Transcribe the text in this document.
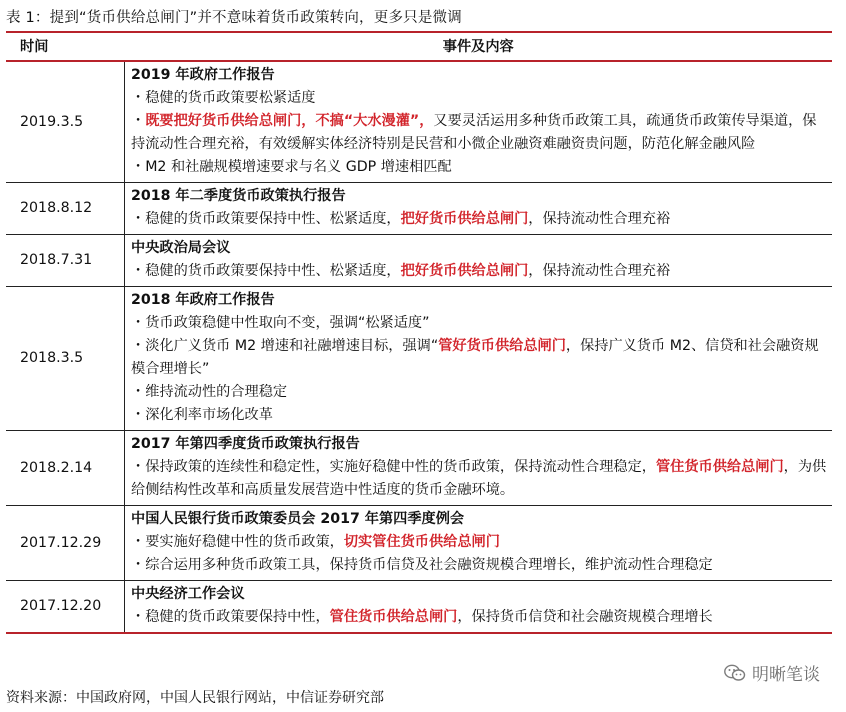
表 1：提到“货币供给总闸门”并不意味着货币政策转向，更多只是微调
时间	事件及内容
2019.3.5	2019 年政府工作报告
・稳健的货币政策要松紧适度
・既要把好货币供给总闸门，不搞“大水漫灌”，又要灵活运用多种货币政策工具，疏通货币政策传导渠道，保持流动性合理充裕，有效缓解实体经济特别是民营和小微企业融资难融资贵问题，防范化解金融风险
・M2 和社融规模增速要求与名义 GDP 增速相匹配

2018.8.12	2018 年二季度货币政策执行报告
・稳健的货币政策要保持中性、松紧适度，把好货币供给总闸门，保持流动性合理充裕

2018.7.31	中央政治局会议
・稳健的货币政策要保持中性、松紧适度，把好货币供给总闸门，保持流动性合理充裕

2018.3.5	2018 年政府工作报告
・货币政策稳健中性取向不变，强调“松紧适度”
・淡化广义货币 M2 增速和社融增速目标，强调“管好货币供给总闸门，保持广义货币 M2、信贷和社会融资规模合理增长”
・维持流动性的合理稳定
・深化利率市场化改革

2018.2.14	2017 年第四季度货币政策执行报告
・保持政策的连续性和稳定性，实施好稳健中性的货币政策，保持流动性合理稳定，管住货币供给总闸门，为供给侧结构性改革和高质量发展营造中性适度的货币金融环境。

2017.12.29	中国人民银行货币政策委员会 2017 年第四季度例会
・要实施好稳健中性的货币政策，切实管住货币供给总闸门
・综合运用多种货币政策工具，保持货币信贷及社会融资规模合理增长，维护流动性合理稳定

2017.12.20	中央经济工作会议
・稳健的货币政策要保持中性，管住货币供给总闸门，保持货币信贷和社会融资规模合理增长
资料来源：中国政府网，中国人民银行网站，中信证券研究部
明晰笔谈
